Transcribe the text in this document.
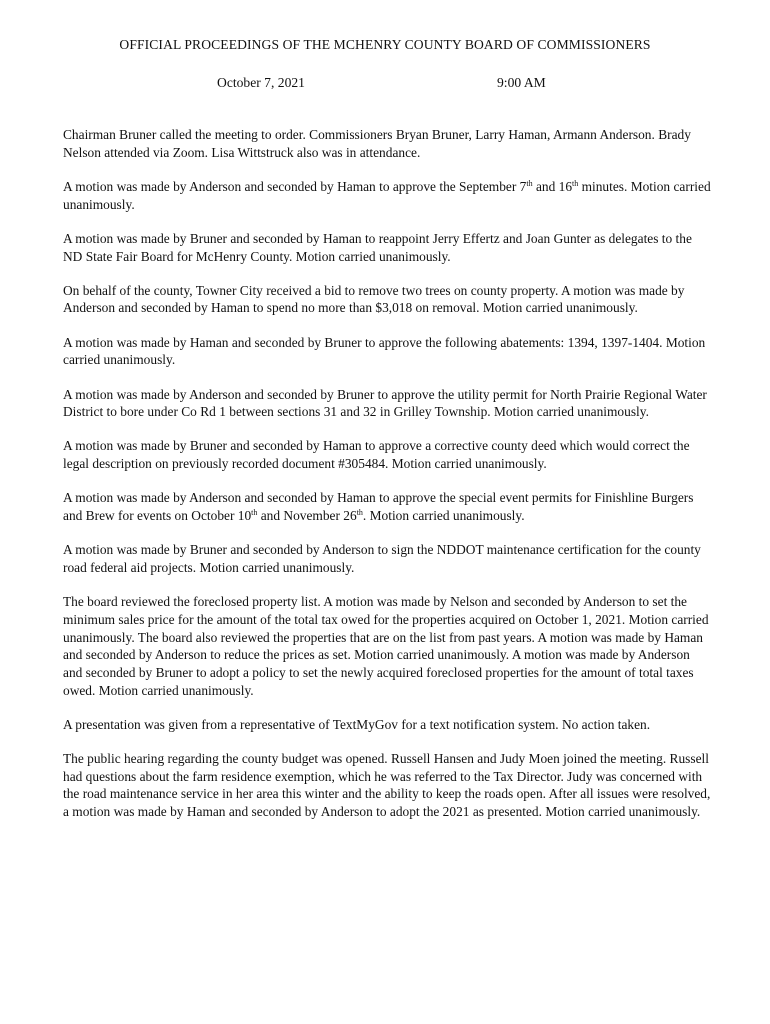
OFFICIAL PROCEEDINGS OF THE MCHENRY COUNTY BOARD OF COMMISSIONERS
October 7, 2021	9:00 AM

Chairman Bruner called the meeting to order. Commissioners Bryan Bruner, Larry Haman, Armann Anderson. Brady Nelson attended via Zoom. Lisa Wittstruck also was in attendance.

A motion was made by Anderson and seconded by Haman to approve the September 7th and 16th minutes. Motion carried unanimously.

A motion was made by Bruner and seconded by Haman to reappoint Jerry Effertz and Joan Gunter as delegates to the ND State Fair Board for McHenry County. Motion carried unanimously.

On behalf of the county, Towner City received a bid to remove two trees on county property. A motion was made by Anderson and seconded by Haman to spend no more than $3,018 on removal. Motion carried unanimously.

A motion was made by Haman and seconded by Bruner to approve the following abatements: 1394, 1397-1404. Motion carried unanimously.

A motion was made by Anderson and seconded by Bruner to approve the utility permit for North Prairie Regional Water District to bore under Co Rd 1 between sections 31 and 32 in Grilley Township. Motion carried unanimously.

A motion was made by Bruner and seconded by Haman to approve a corrective county deed which would correct the legal description on previously recorded document #305484. Motion carried unanimously.

A motion was made by Anderson and seconded by Haman to approve the special event permits for Finishline Burgers and Brew for events on October 10th and November 26th. Motion carried unanimously.

A motion was made by Bruner and seconded by Anderson to sign the NDDOT maintenance certification for the county road federal aid projects. Motion carried unanimously.

The board reviewed the foreclosed property list. A motion was made by Nelson and seconded by Anderson to set the minimum sales price for the amount of the total tax owed for the properties acquired on October 1, 2021. Motion carried unanimously. The board also reviewed the properties that are on the list from past years. A motion was made by Haman and seconded by Anderson to reduce the prices as set. Motion carried unanimously. A motion was made by Anderson and seconded by Bruner to adopt a policy to set the newly acquired foreclosed properties for the amount of total taxes owed. Motion carried unanimously.

A presentation was given from a representative of TextMyGov for a text notification system. No action taken.

The public hearing regarding the county budget was opened. Russell Hansen and Judy Moen joined the meeting. Russell had questions about the farm residence exemption, which he was referred to the Tax Director. Judy was concerned with the road maintenance service in her area this winter and the ability to keep the roads open. After all issues were resolved, a motion was made by Haman and seconded by Anderson to adopt the 2021 as presented. Motion carried unanimously.
